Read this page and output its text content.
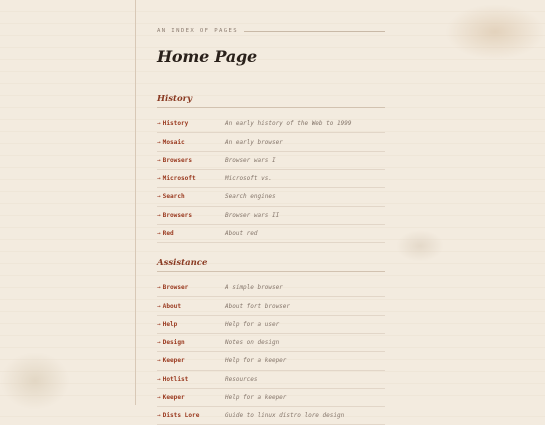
AN INDEX OF PAGES
Home Page
History
→ History	An early history of the Web to 1999
→ Mosaic	An early browser
→ Browsers	Browser wars I
→ Microsoft	Microsoft vs.
→ Search	Search engines
→ Browsers	Browser wars II
→ Red	About red
Assistance
→ Browser	A simple browser
→ About	About fort browser
→ Help	Help for a user
→ Design	Notes on design
→ Keeper	Help for a keeper
→ Hotlist	Resources
→ Keeper	Help for a keeper
→ Dists Lore	Guide to linux distro lore design
